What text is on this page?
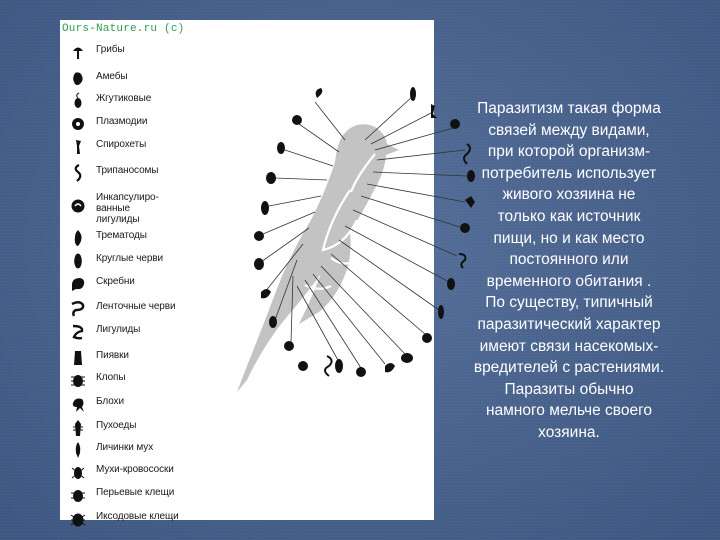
Грибы
Амебы
Жгутиковые
Плазмодии
Спирохеты
Трипаносомы
Инкапсулиро-
ванные
лигулиды
Трематоды
Круглые черви
Скребни
Ленточные черви
Лигулиды
Пиявки
Клопы
Блохи
Пухоеды
Личинки мух
Мухи-кровососки
Перьевые клещи
Иксодовые клещи
Ours-Nature.ru (c)
Паразитизм такая форма
связей между видами,
при которой организм-
потребитель использует
живого хозяина не
только как источник
пищи, но и как место
постоянного или
временного обитания .
По существу, типичный
паразитический характер
имеют связи насекомых-
вредителей с растениями.
Паразиты обычно
намного мельче своего
хозяина.
